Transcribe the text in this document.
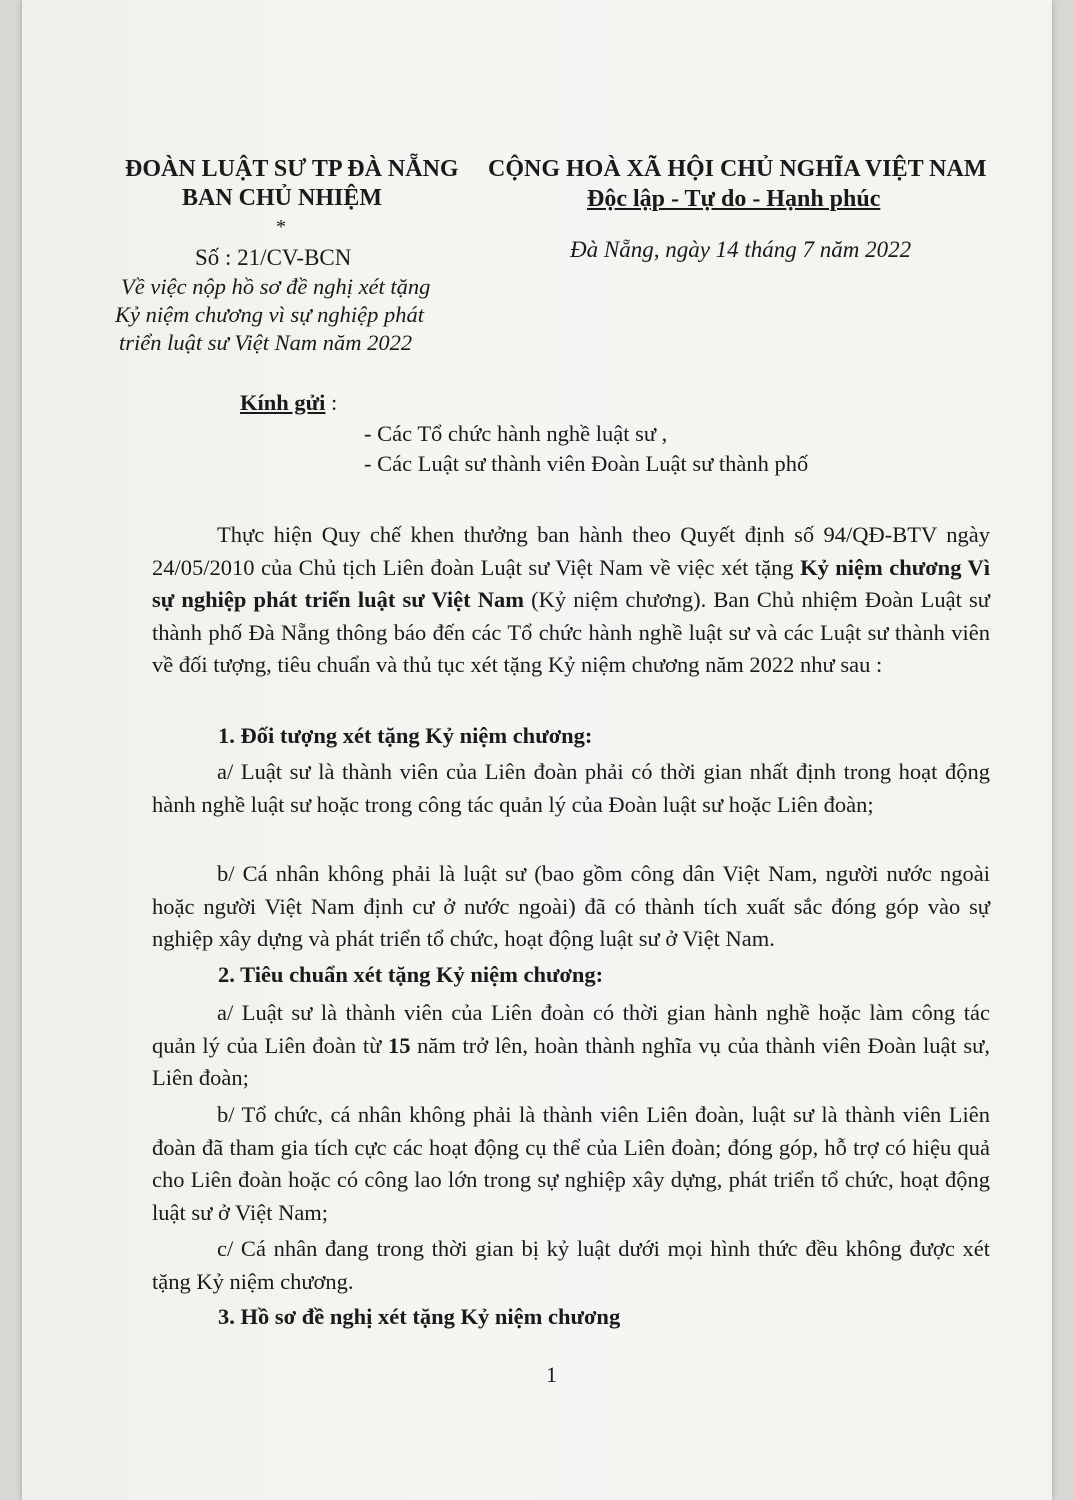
ĐOÀN LUẬT SƯ TP ĐÀ NẴNG
BAN CHỦ NHIỆM
*
CỘNG HOÀ XÃ HỘI CHỦ NGHĨA VIỆT NAM
Độc lập - Tự do - Hạnh phúc
Số : 21/CV-BCN	Đà Nẵng, ngày 14 tháng 7 năm 2022
Về việc nộp hồ sơ đề nghị xét tặng
Kỷ niệm chương vì sự nghiệp phát
triển luật sư Việt Nam năm 2022
Kính gửi :
- Các Tổ chức hành nghề luật sư ,
- Các Luật sư thành viên Đoàn Luật sư thành phố

Thực hiện Quy chế khen thưởng ban hành theo Quyết định số 94/QĐ-BTV ngày 24/05/2010 của Chủ tịch Liên đoàn Luật sư Việt Nam về việc xét tặng Kỷ niệm chương Vì sự nghiệp phát triển luật sư Việt Nam (Kỷ niệm chương). Ban Chủ nhiệm Đoàn Luật sư thành phố Đà Nẵng thông báo đến các Tổ chức hành nghề luật sư và các Luật sư thành viên về đối tượng, tiêu chuẩn và thủ tục xét tặng Kỷ niệm chương năm 2022 như sau :

1. Đối tượng xét tặng Kỷ niệm chương:

a/ Luật sư là thành viên của Liên đoàn phải có thời gian nhất định trong hoạt động hành nghề luật sư hoặc trong công tác quản lý của Đoàn luật sư hoặc Liên đoàn;

b/ Cá nhân không phải là luật sư (bao gồm công dân Việt Nam, người nước ngoài hoặc người Việt Nam định cư ở nước ngoài) đã có thành tích xuất sắc đóng góp vào sự nghiệp xây dựng và phát triển tổ chức, hoạt động luật sư ở Việt Nam.

2. Tiêu chuẩn xét tặng Kỷ niệm chương:

a/ Luật sư là thành viên của Liên đoàn có thời gian hành nghề hoặc làm công tác quản lý của Liên đoàn từ 15 năm trở lên, hoàn thành nghĩa vụ của thành viên Đoàn luật sư, Liên đoàn;

b/ Tổ chức, cá nhân không phải là thành viên Liên đoàn, luật sư là thành viên Liên đoàn đã tham gia tích cực các hoạt động cụ thể của Liên đoàn; đóng góp, hỗ trợ có hiệu quả cho Liên đoàn hoặc có công lao lớn trong sự nghiệp xây dựng, phát triển tổ chức, hoạt động luật sư ở Việt Nam;

c/ Cá nhân đang trong thời gian bị kỷ luật dưới mọi hình thức đều không được xét tặng Kỷ niệm chương.

3. Hồ sơ đề nghị xét tặng Kỷ niệm chương
1
